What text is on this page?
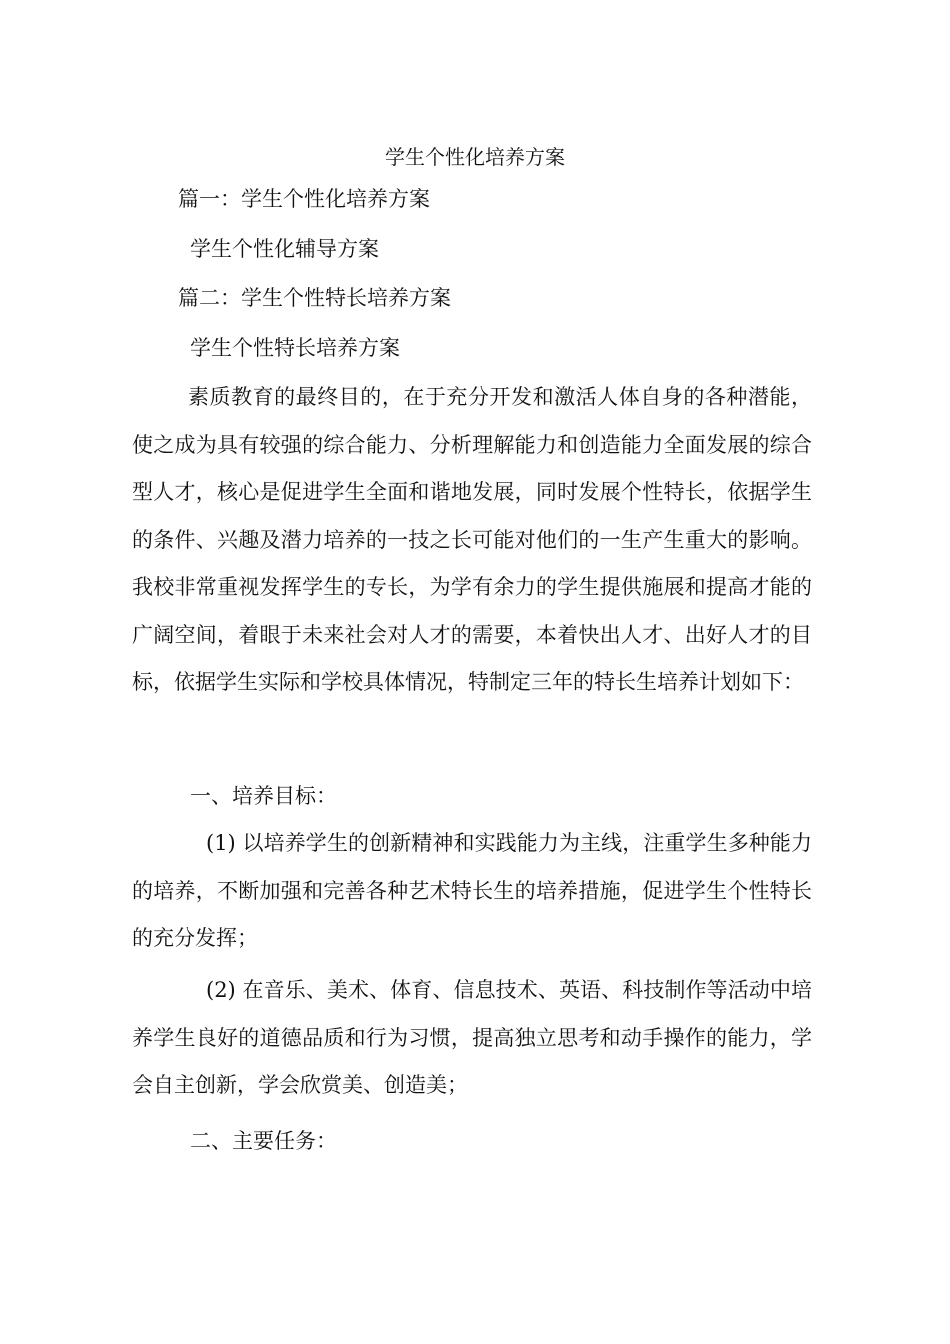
学生个性化培养方案
篇一：学生个性化培养方案
学生个性化辅导方案
篇二：学生个性特长培养方案
学生个性特长培养方案
素质教育的最终目的，在于充分开发和激活人体自身的各种潜能，使之成为具有较强的综合能力、分析理解能力和创造能力全面发展的综合型人才，核心是促进学生全面和谐地发展，同时发展个性特长，依据学生的条件、兴趣及潜力培养的一技之长可能对他们的一生产生重大的影响。我校非常重视发挥学生的专长，为学有余力的学生提供施展和提高才能的广阔空间，着眼于未来社会对人才的需要，本着快出人才、出好人才的目标，依据学生实际和学校具体情况，特制定三年的特长生培养计划如下：
一、培养目标：
(1) 以培养学生的创新精神和实践能力为主线，注重学生多种能力的培养，不断加强和完善各种艺术特长生的培养措施，促进学生个性特长的充分发挥；
(2) 在音乐、美术、体育、信息技术、英语、科技制作等活动中培养学生良好的道德品质和行为习惯，提高独立思考和动手操作的能力，学会自主创新，学会欣赏美、创造美；
二、主要任务：
